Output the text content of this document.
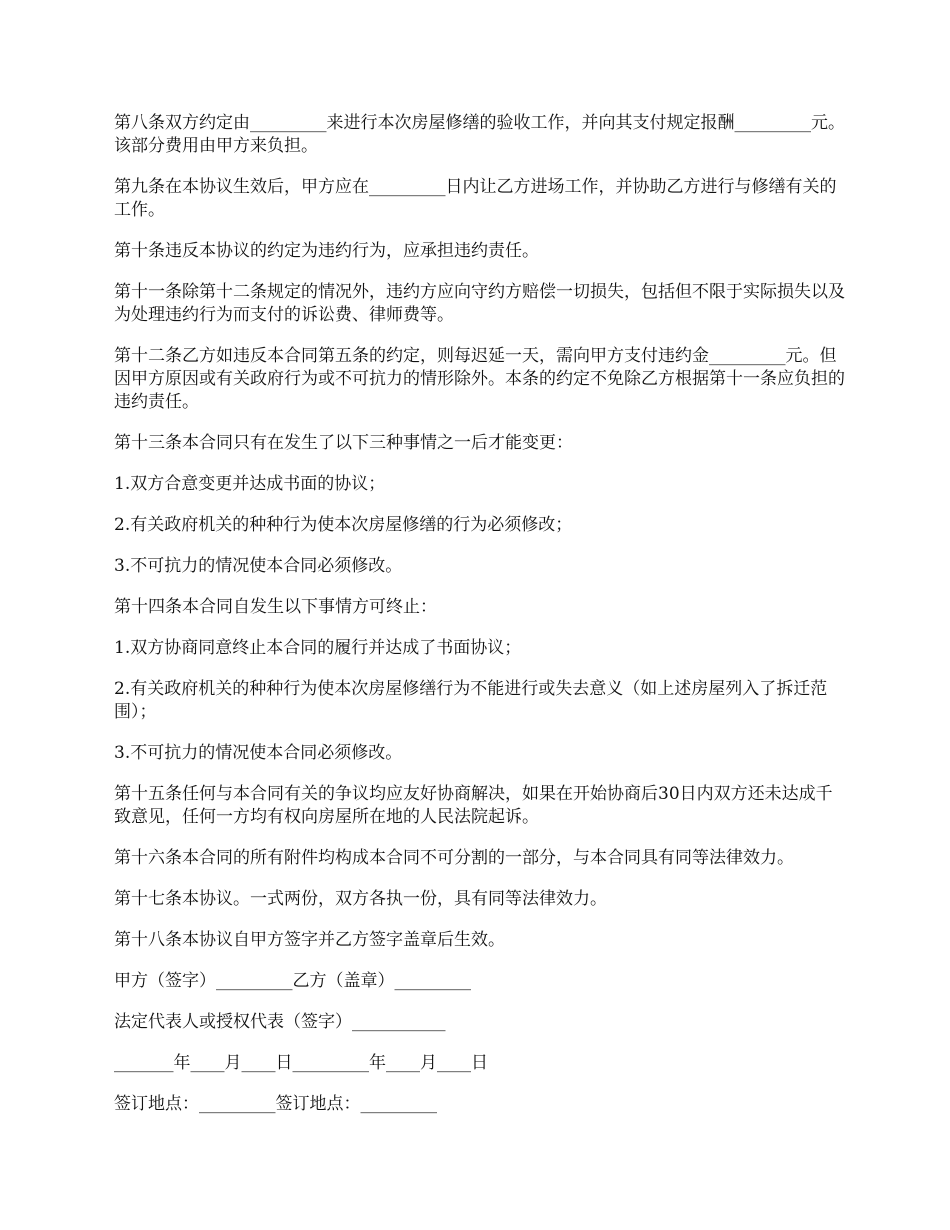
第八条双方约定由_________来进行本次房屋修缮的验收工作，并向其支付规定报酬_________元。该部分费用由甲方来负担。

第九条在本协议生效后，甲方应在_________日内让乙方进场工作，并协助乙方进行与修缮有关的工作。

第十条违反本协议的约定为违约行为，应承担违约责任。

第十一条除第十二条规定的情况外，违约方应向守约方赔偿一切损失，包括但不限于实际损失以及为处理违约行为而支付的诉讼费、律师费等。

第十二条乙方如违反本合同第五条的约定，则每迟延一天，需向甲方支付违约金_________元。但因甲方原因或有关政府行为或不可抗力的情形除外。本条的约定不免除乙方根据第十一条应负担的违约责任。

第十三条本合同只有在发生了以下三种事情之一后才能变更：

1.双方合意变更并达成书面的协议；

2.有关政府机关的种种行为使本次房屋修缮的行为必须修改；

3.不可抗力的情况使本合同必须修改。

第十四条本合同自发生以下事情方可终止：

1.双方协商同意终止本合同的履行并达成了书面协议；

2.有关政府机关的种种行为使本次房屋修缮行为不能进行或失去意义（如上述房屋列入了拆迁范围）；

3.不可抗力的情况使本合同必须修改。

第十五条任何与本合同有关的争议均应友好协商解决，如果在开始协商后30日内双方还未达成千致意见，任何一方均有权向房屋所在地的人民法院起诉。

第十六条本合同的所有附件均构成本合同不可分割的一部分，与本合同具有同等法律效力。

第十七条本协议。一式两份，双方各执一份，具有同等法律效力。

第十八条本协议自甲方签字并乙方签字盖章后生效。

甲方（签字）_________乙方（盖章）_________

法定代表人或授权代表（签字）___________

_______年____月____日_________年____月____日

签订地点：_________签订地点：_________
